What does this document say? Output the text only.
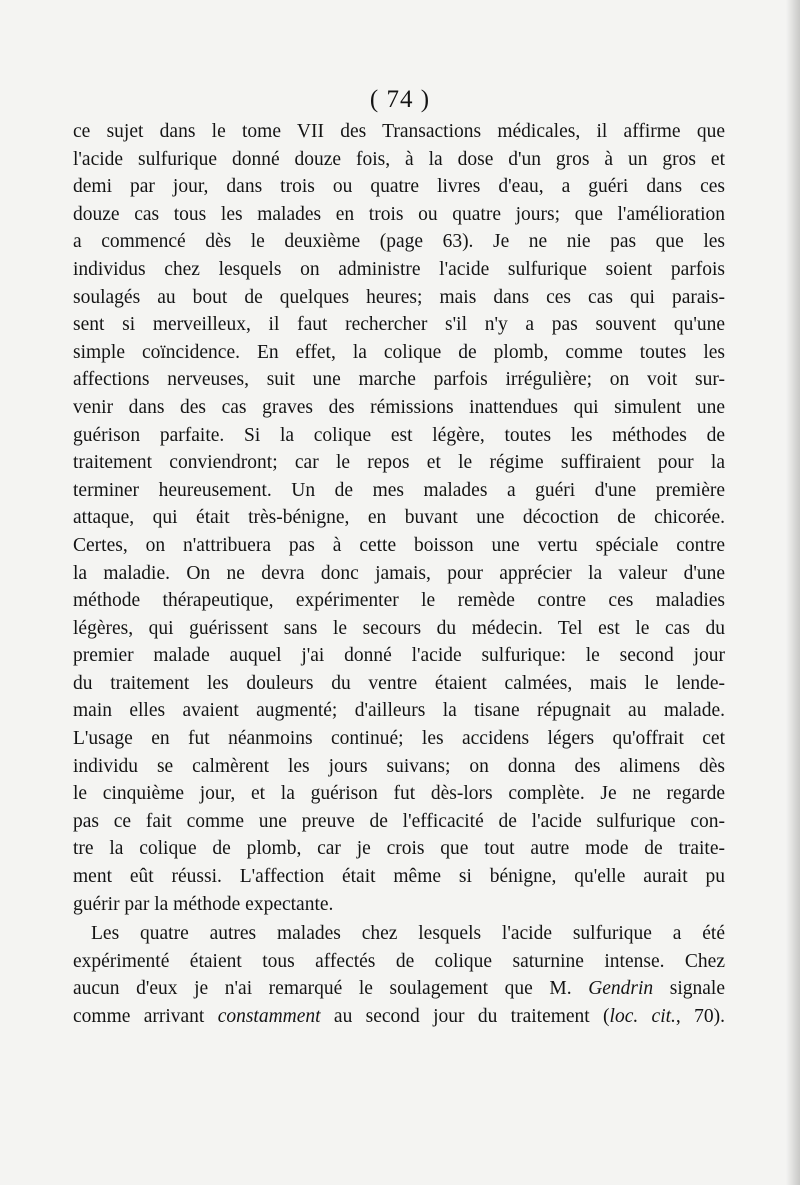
( 74 )
ce sujet dans le tome VII des Transactions médicales, il affirme que
l'acide sulfurique donné douze fois, à la dose d'un gros à un gros et
demi par jour, dans trois ou quatre livres d'eau, a guéri dans ces
douze cas tous les malades en trois ou quatre jours; que l'amélioration
a commencé dès le deuxième (page 63). Je ne nie pas que les
individus chez lesquels on administre l'acide sulfurique soient parfois
soulagés au bout de quelques heures; mais dans ces cas qui parais-
sent si merveilleux, il faut rechercher s'il n'y a pas souvent qu'une
simple coïncidence. En effet, la colique de plomb, comme toutes les
affections nerveuses, suit une marche parfois irrégulière; on voit sur-
venir dans des cas graves des rémissions inattendues qui simulent une
guérison parfaite. Si la colique est légère, toutes les méthodes de
traitement conviendront; car le repos et le régime suffiraient pour la
terminer heureusement. Un de mes malades a guéri d'une première
attaque, qui était très-bénigne, en buvant une décoction de chicorée.
Certes, on n'attribuera pas à cette boisson une vertu spéciale contre
la maladie. On ne devra donc jamais, pour apprécier la valeur d'une
méthode thérapeutique, expérimenter le remède contre ces maladies
légères, qui guérissent sans le secours du médecin. Tel est le cas du
premier malade auquel j'ai donné l'acide sulfurique: le second jour
du traitement les douleurs du ventre étaient calmées, mais le lende-
main elles avaient augmenté; d'ailleurs la tisane répugnait au malade.
L'usage en fut néanmoins continué; les accidens légers qu'offrait cet
individu se calmèrent les jours suivans; on donna des alimens dès
le cinquième jour, et la guérison fut dès-lors complète. Je ne regarde
pas ce fait comme une preuve de l'efficacité de l'acide sulfurique con-
tre la colique de plomb, car je crois que tout autre mode de traite-
ment eût réussi. L'affection était même si bénigne, qu'elle aurait pu
guérir par la méthode expectante.
Les quatre autres malades chez lesquels l'acide sulfurique a été
expérimenté étaient tous affectés de colique saturnine intense. Chez
aucun d'eux je n'ai remarqué le soulagement que M. Gendrin signale
comme arrivant constamment au second jour du traitement (loc. cit., 70).
